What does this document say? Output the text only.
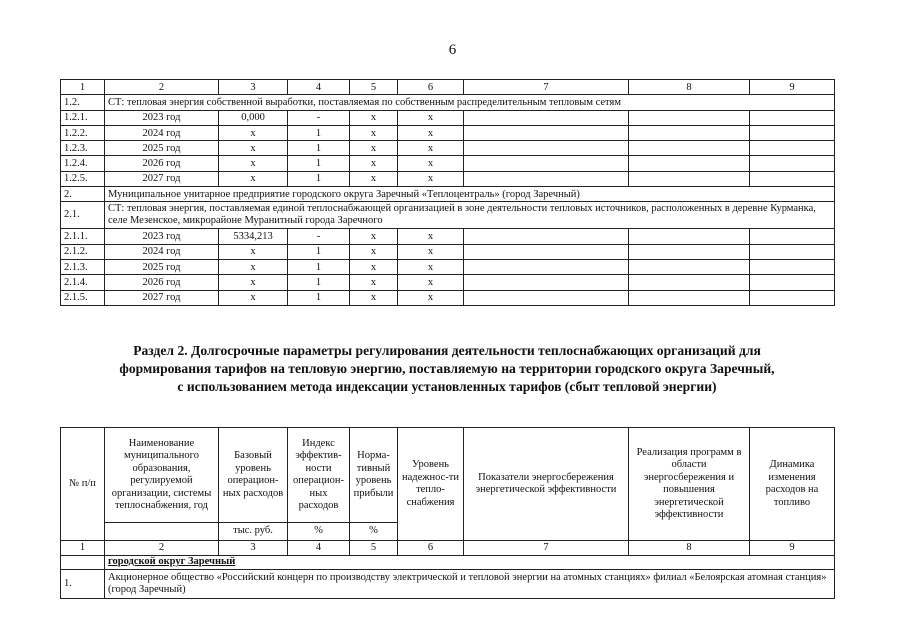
6
1	2	3	4	5	6	7	8	9
1.2.	СТ: тепловая энергия собственной выработки, поставляемая по собственным распределительным тепловым сетям							
1.2.1.	2023 год	0,000	-	х	х			
1.2.2.	2024 год	х	1	х	х			
1.2.3.	2025 год	х	1	х	х			
1.2.4.	2026 год	х	1	х	х			
1.2.5.	2027 год	х	1	х	х			
2.	Муниципальное унитарное предприятие городского округа Заречный «Теплоцентраль» (город Заречный)							
2.1.	СТ: тепловая энергия, поставляемая единой теплоснабжающей организацией в зоне деятельности тепловых источников, расположенных в деревне Курманка, селе Мезенское, микрорайоне Муранитный города Заречного							
2.1.1.	2023 год	5334,213	-	х	х			
2.1.2.	2024 год	х	1	х	х			
2.1.3.	2025 год	х	1	х	х			
2.1.4.	2026 год	х	1	х	х			
2.1.5.	2027 год	х	1	х	х			
Раздел 2. Долгосрочные параметры регулирования деятельности теплоснабжающих организаций для
формирования тарифов на тепловую энергию, поставляемую на территории городского округа Заречный,
с использованием метода индексации установленных тарифов (сбыт тепловой энергии)
№ п/п	Наименование муниципального образования, регулируемой организации, системы теплоснабжения, год	Базовый уровень операцион-ных расходов	Индекс эффектив-ности операцион-ных расходов	Норма-тивный уровень прибыли	Уровень надежнос-ти тепло-снабжения	Показатели энергосбережения энергетической эффективности	Реализация программ в области энергосбережения и повышения энергетической эффективности	Динамика изменения расходов на топливо
		тыс. руб.	%	%				
1	2	3	4	5	6	7	8	9
	городской округ Заречный							
1.	Акционерное общество «Российский концерн по производству электрической и тепловой энергии на атомных станциях» филиал «Белоярская атомная станция» (город Заречный)							
